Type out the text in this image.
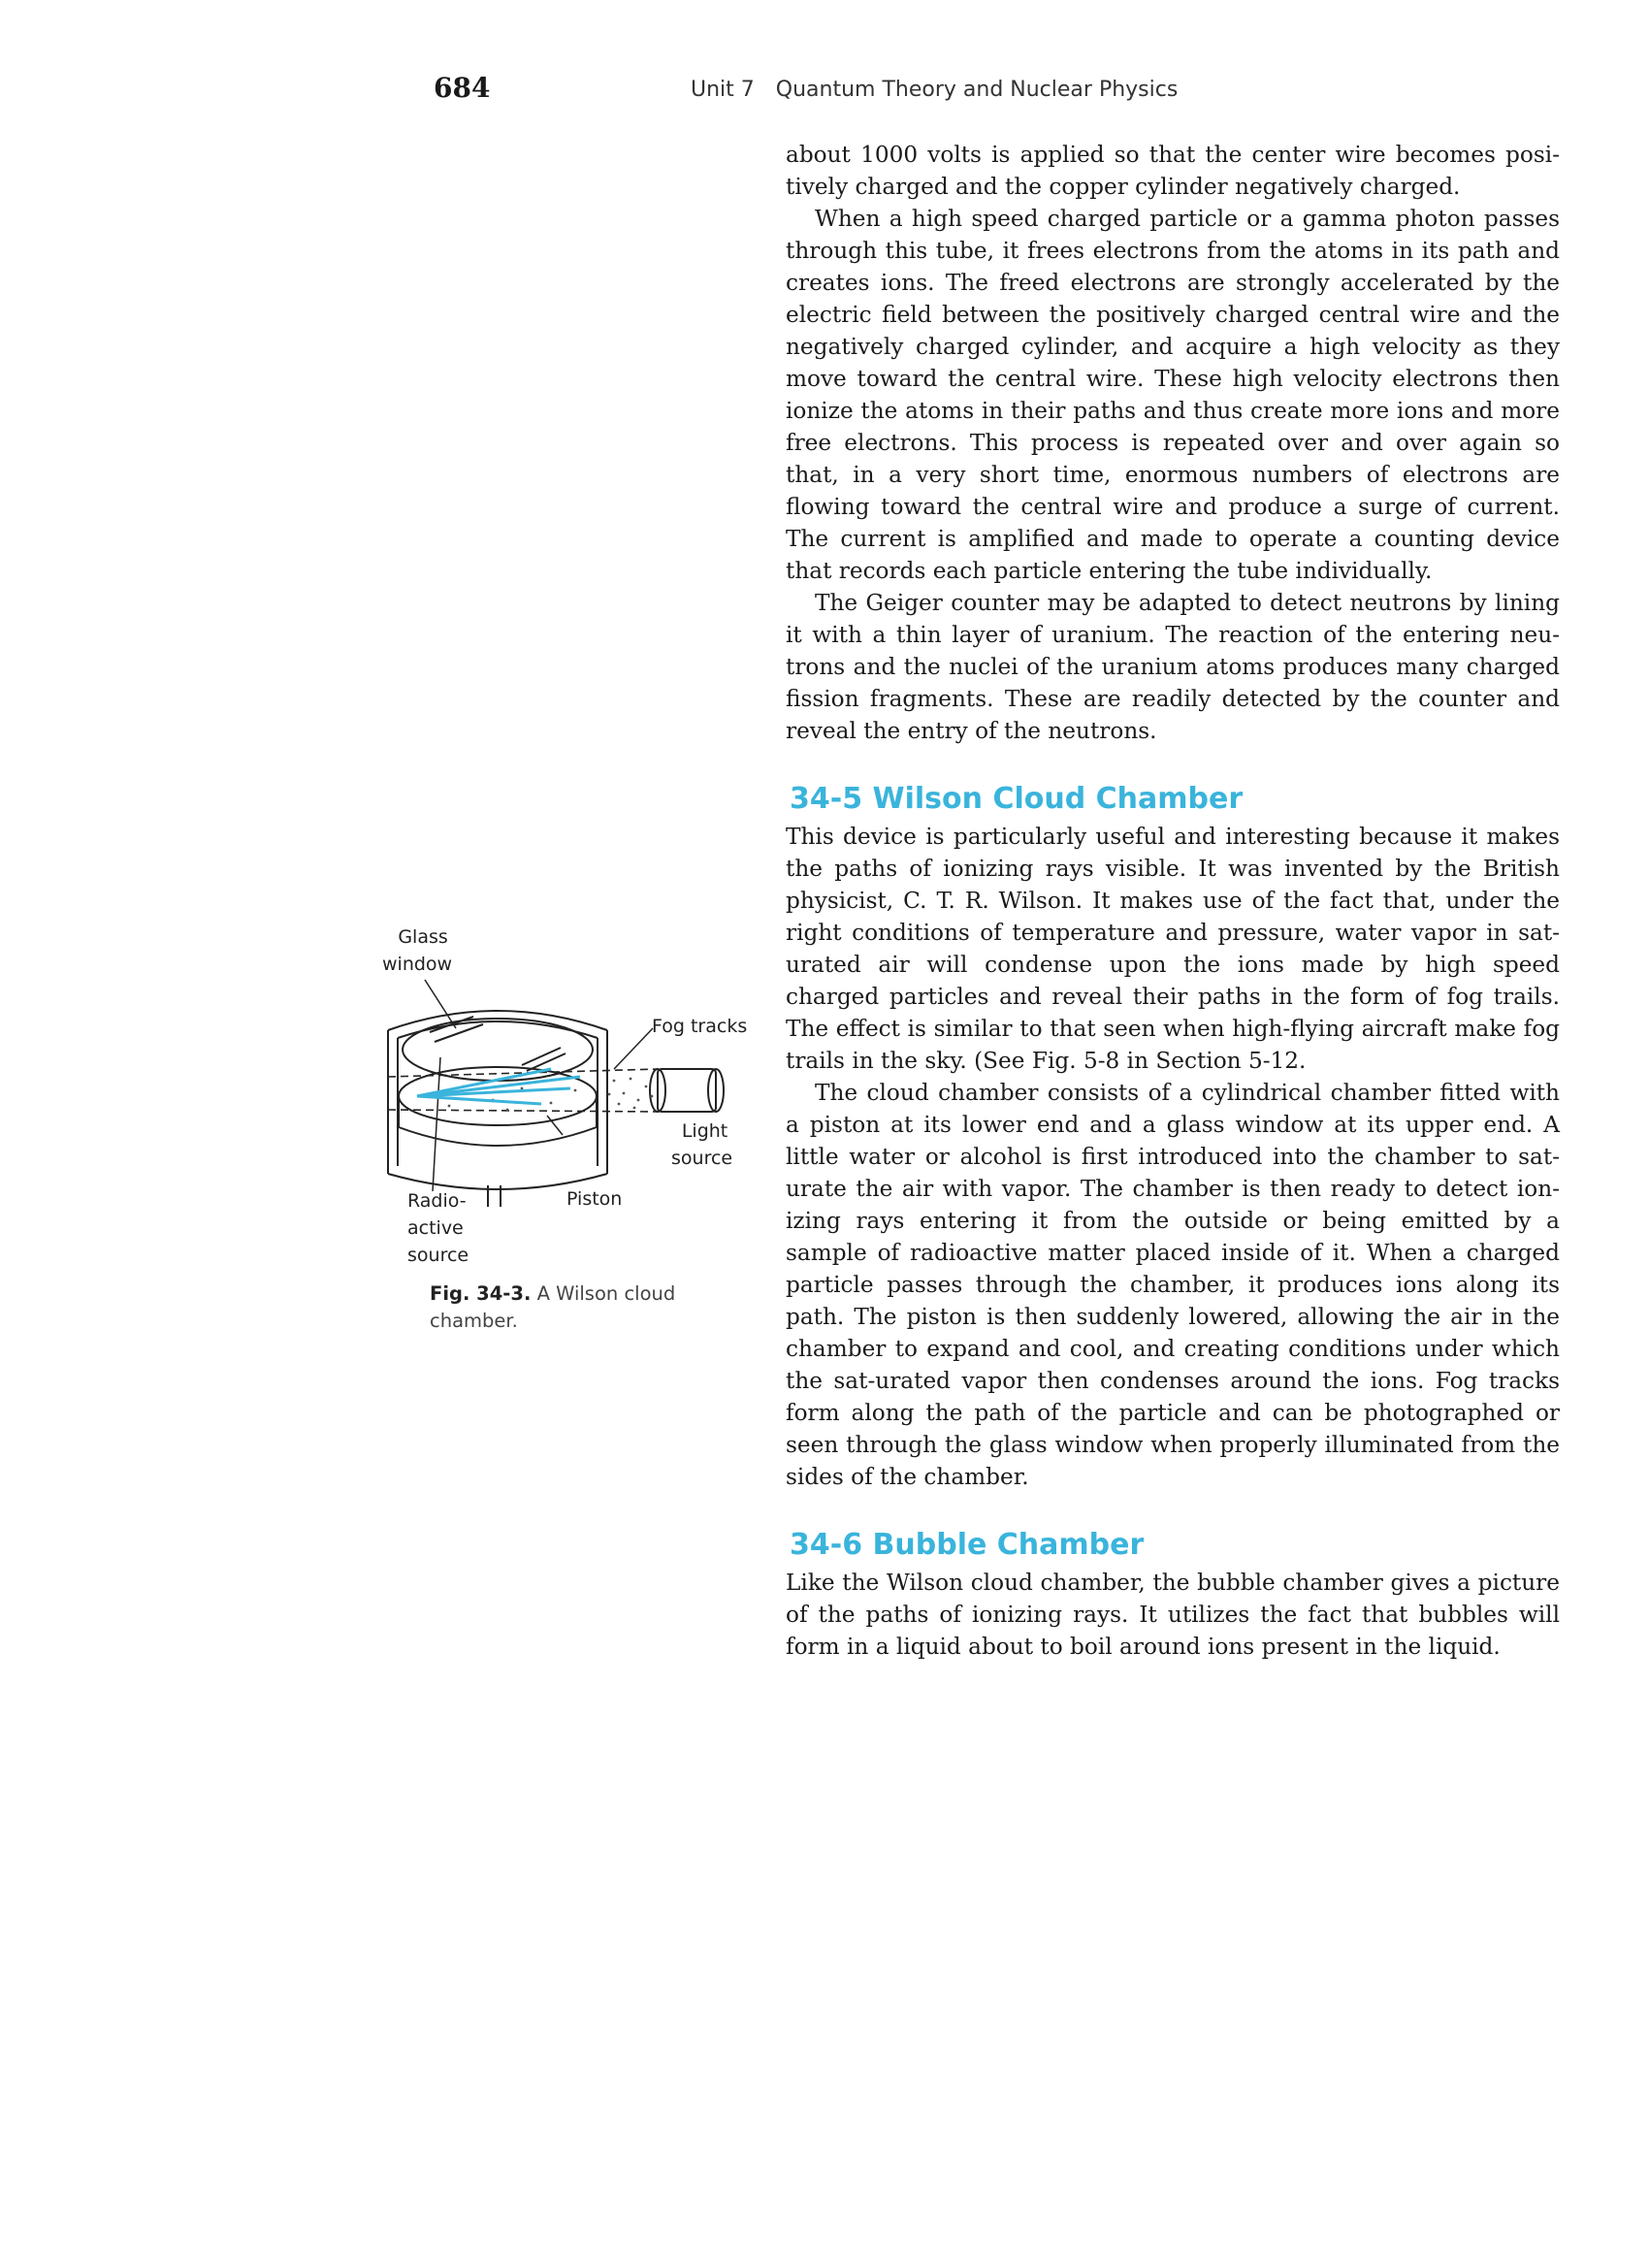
684	Unit 7 Quantum Theory and Nuclear Physics

about 1000 volts is applied so that the center wire becomes posi-tively charged and the copper cylinder negatively charged.

When a high speed charged particle or a gamma photon passes through this tube, it frees electrons from the atoms in its path and creates ions. The freed electrons are strongly accelerated by the electric field between the positively charged central wire and the negatively charged cylinder, and acquire a high velocity as they move toward the central wire. These high velocity electrons then ionize the atoms in their paths and thus create more ions and more free electrons. This process is repeated over and over again so that, in a very short time, enormous numbers of electrons are flowing toward the central wire and produce a surge of current. The current is amplified and made to operate a counting device that records each particle entering the tube individually.

The Geiger counter may be adapted to detect neutrons by lining it with a thin layer of uranium. The reaction of the entering neu-trons and the nuclei of the uranium atoms produces many charged fission fragments. These are readily detected by the counter and reveal the entry of the neutrons.

34-5 Wilson Cloud Chamber

This device is particularly useful and interesting because it makes the paths of ionizing rays visible. It was invented by the British physicist, C. T. R. Wilson. It makes use of the fact that, under the right conditions of temperature and pressure, water vapor in sat-urated air will condense upon the ions made by high speed charged particles and reveal their paths in the form of fog trails. The effect is similar to that seen when high-flying aircraft make fog trails in the sky. (See Fig. 5-8 in Section 5-12.

The cloud chamber consists of a cylindrical chamber fitted with a piston at its lower end and a glass window at its upper end. A little water or alcohol is first introduced into the chamber to sat-urate the air with vapor. The chamber is then ready to detect ion-izing rays entering it from the outside or being emitted by a sample of radioactive matter placed inside of it. When a charged particle passes through the chamber, it produces ions along its path. The piston is then suddenly lowered, allowing the air in the chamber to expand and cool, and creating conditions under which the sat-urated vapor then condenses around the ions. Fog tracks form along the path of the particle and can be photographed or seen through the glass window when properly illuminated from the sides of the chamber.

34-6 Bubble Chamber

Like the Wilson cloud chamber, the bubble chamber gives a picture of the paths of ionizing rays. It utilizes the fact that bubbles will form in a liquid about to boil around ions present in the liquid.

Glass
window
Fog tracks
Light
source
Piston
Radio-
active
source
Fig. 34-3. A Wilson cloud chamber.
